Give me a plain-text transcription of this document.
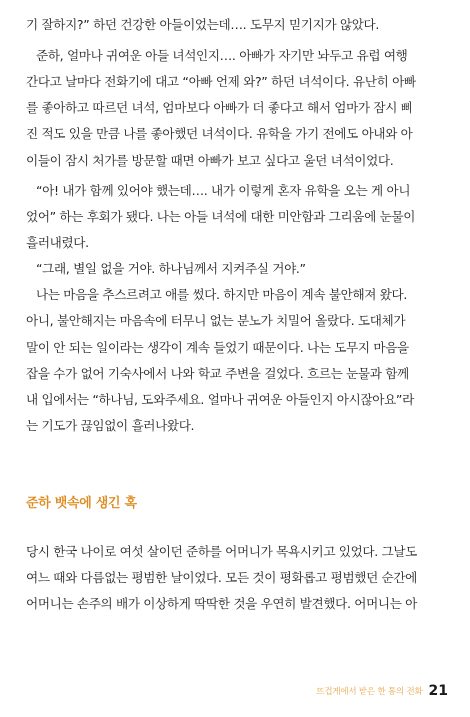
기 잘하지?” 하던 건강한 아들이었는데…. 도무지 믿기지가 않았다.
준하, 얼마나 귀여운 아들 녀석인지…. 아빠가 자기만 놔두고 유럽 여행
간다고 날마다 전화기에 대고 “아빠 언제 와?” 하던 녀석이다. 유난히 아빠
를 좋아하고 따르던 녀석, 엄마보다 아빠가 더 좋다고 해서 엄마가 잠시 삐
진 적도 있을 만큼 나를 좋아했던 녀석이다. 유학을 가기 전에도 아내와 아
이들이 잠시 처가를 방문할 때면 아빠가 보고 싶다고 울던 녀석이었다.
“아! 내가 함께 있어야 했는데…. 내가 이렇게 혼자 유학을 오는 게 아니
었어” 하는 후회가 됐다. 나는 아들 녀석에 대한 미안함과 그리움에 눈물이
흘러내렸다.
“그래, 별일 없을 거야. 하나님께서 지켜주실 거야.”
나는 마음을 추스르려고 애를 썼다. 하지만 마음이 계속 불안해져 왔다.
아니, 불안해지는 마음속에 터무니 없는 분노가 치밀어 올랐다. 도대체가
말이 안 되는 일이라는 생각이 계속 들었기 때문이다. 나는 도무지 마음을
잡을 수가 없어 기숙사에서 나와 학교 주변을 걸었다. 흐르는 눈물과 함께
내 입에서는 “하나님, 도와주세요. 얼마나 귀여운 아들인지 아시잖아요”라
는 기도가 끊임없이 흘러나왔다.
준하 뱃속에 생긴 혹
당시 한국 나이로 여섯 살이던 준하를 어머니가 목욕시키고 있었다. 그날도
여느 때와 다름없는 평범한 날이었다. 모든 것이 평화롭고 평범했던 순간에
어머니는 손주의 배가 이상하게 딱딱한 것을 우연히 발견했다. 어머니는 아
뜨겁게에서 받은 한 통의 전화 21
